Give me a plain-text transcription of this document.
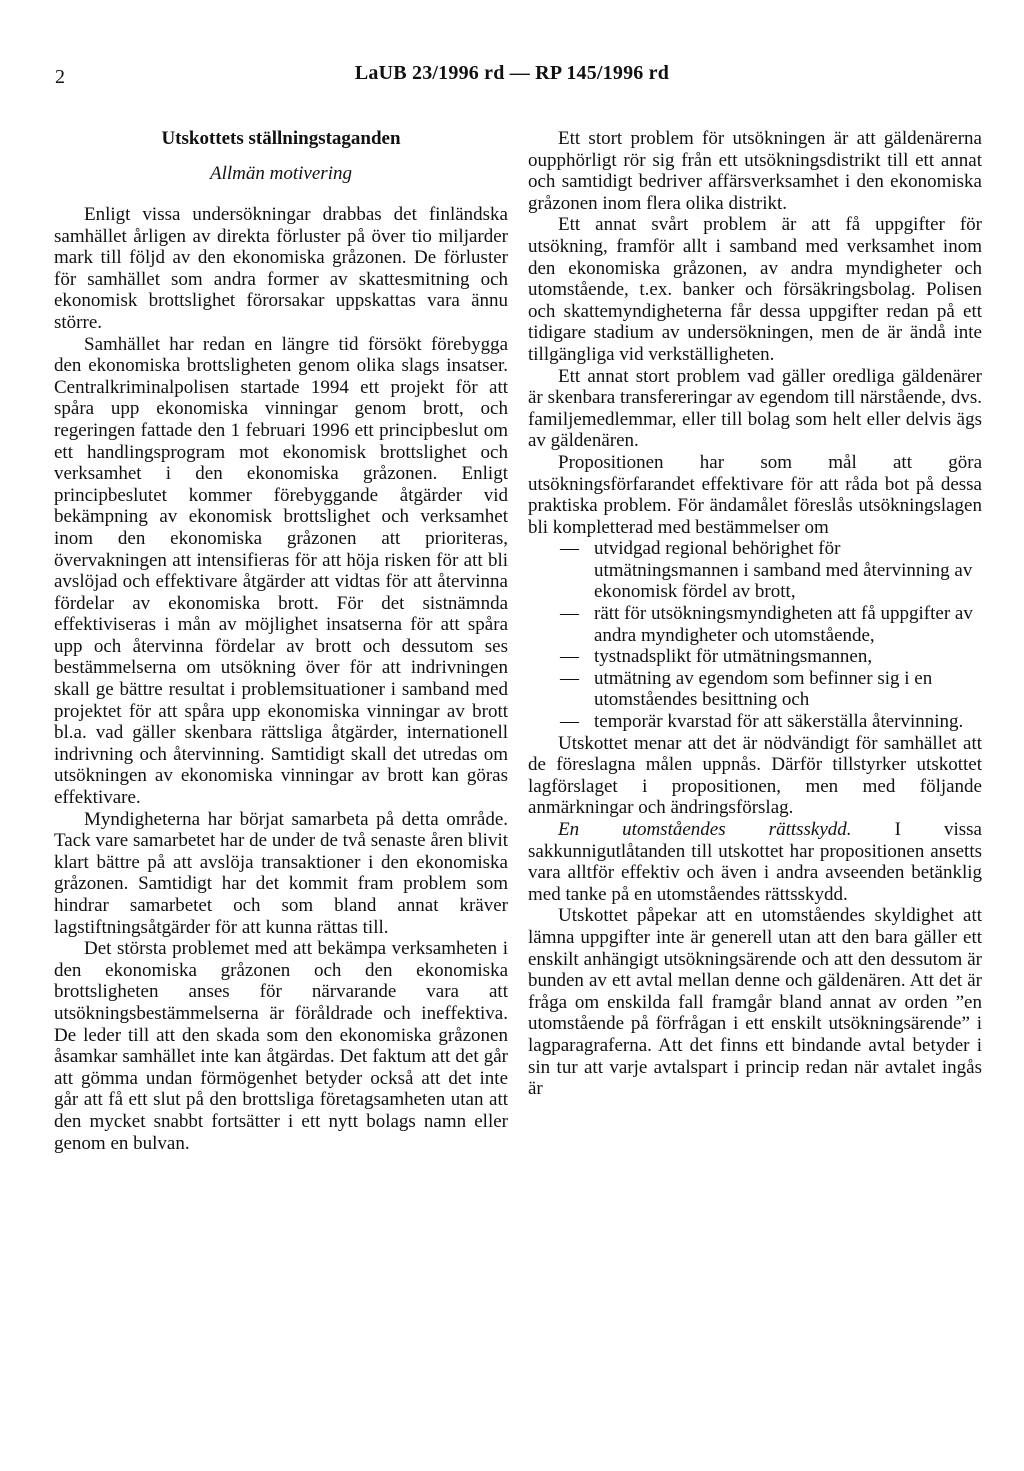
2	LaUB 23/1996 rd — RP 145/1996 rd
Utskottets ställningstaganden
Allmän motivering

Enligt vissa undersökningar drabbas det finländska samhället årligen av direkta förluster på över tio miljarder mark till följd av den ekonomiska gråzonen. De förluster för samhället som andra former av skattesmitning och ekonomisk brottslighet förorsakar uppskattas vara ännu större.

Samhället har redan en längre tid försökt förebygga den ekonomiska brottsligheten genom olika slags insatser. Centralkriminalpolisen startade 1994 ett projekt för att spåra upp ekonomiska vinningar genom brott, och regeringen fattade den 1 februari 1996 ett principbeslut om ett handlingsprogram mot ekonomisk brottslighet och verksamhet i den ekonomiska gråzonen. Enligt principbeslutet kommer förebyggande åtgärder vid bekämpning av ekonomisk brottslighet och verksamhet inom den ekonomiska gråzonen att prioriteras, övervakningen att intensifieras för att höja risken för att bli avslöjad och effektivare åtgärder att vidtas för att återvinna fördelar av ekonomiska brott. För det sistnämnda effektiviseras i mån av möjlighet insatserna för att spåra upp och återvinna fördelar av brott och dessutom ses bestämmelserna om utsökning över för att indrivningen skall ge bättre resultat i problemsituationer i samband med projektet för att spåra upp ekonomiska vinningar av brott bl.a. vad gäller skenbara rättsliga åtgärder, internationell indrivning och återvinning. Samtidigt skall det utredas om utsökningen av ekonomiska vinningar av brott kan göras effektivare.

Myndigheterna har börjat samarbeta på detta område. Tack vare samarbetet har de under de två senaste åren blivit klart bättre på att avslöja transaktioner i den ekonomiska gråzonen. Samtidigt har det kommit fram problem som hindrar samarbetet och som bland annat kräver lagstiftningsåtgärder för att kunna rättas till.

Det största problemet med att bekämpa verksamheten i den ekonomiska gråzonen och den ekonomiska brottsligheten anses för närvarande vara att utsökningsbestämmelserna är föråldrade och ineffektiva. De leder till att den skada som den ekonomiska gråzonen åsamkar samhället inte kan åtgärdas. Det faktum att det går att gömma undan förmögenhet betyder också att det inte går att få ett slut på den brottsliga företagsamheten utan att den mycket snabbt fortsätter i ett nytt bolags namn eller genom en bulvan.

Ett stort problem för utsökningen är att gäldenärerna oupphörligt rör sig från ett utsökningsdistrikt till ett annat och samtidigt bedriver affärsverksamhet i den ekonomiska gråzonen inom flera olika distrikt.

Ett annat svårt problem är att få uppgifter för utsökning, framför allt i samband med verksamhet inom den ekonomiska gråzonen, av andra myndigheter och utomstående, t.ex. banker och försäkringsbolag. Polisen och skattemyndigheterna får dessa uppgifter redan på ett tidigare stadium av undersökningen, men de är ändå inte tillgängliga vid verkställigheten.

Ett annat stort problem vad gäller oredliga gäldenärer är skenbara transfereringar av egendom till närstående, dvs. familjemedlemmar, eller till bolag som helt eller delvis ägs av gäldenären.

Propositionen har som mål att göra utsökningsförfarandet effektivare för att råda bot på dessa praktiska problem. För ändamålet föreslås utsökningslagen bli kompletterad med bestämmelser om

— utvidgad regional behörighet för utmätningsmannen i samband med återvinning av ekonomisk fördel av brott,
— rätt för utsökningsmyndigheten att få uppgifter av andra myndigheter och utomstående,
— tystnadsplikt för utmätningsmannen,
— utmätning av egendom som befinner sig i en utomståendes besittning och
— temporär kvarstad för att säkerställa återvinning.

Utskottet menar att det är nödvändigt för samhället att de föreslagna målen uppnås. Därför tillstyrker utskottet lagförslaget i propositionen, men med följande anmärkningar och ändringsförslag.

En utomståendes rättsskydd. I vissa sakkunnigutlåtanden till utskottet har propositionen ansetts vara alltför effektiv och även i andra avseenden betänklig med tanke på en utomståendes rättsskydd.

Utskottet påpekar att en utomståendes skyldighet att lämna uppgifter inte är generell utan att den bara gäller ett enskilt anhängigt utsökningsärende och att den dessutom är bunden av ett avtal mellan denne och gäldenären. Att det är fråga om enskilda fall framgår bland annat av orden ”en utomstående på förfrågan i ett enskilt utsökningsärende” i lagparagraferna. Att det finns ett bindande avtal betyder i sin tur att varje avtalspart i princip redan när avtalet ingås är
